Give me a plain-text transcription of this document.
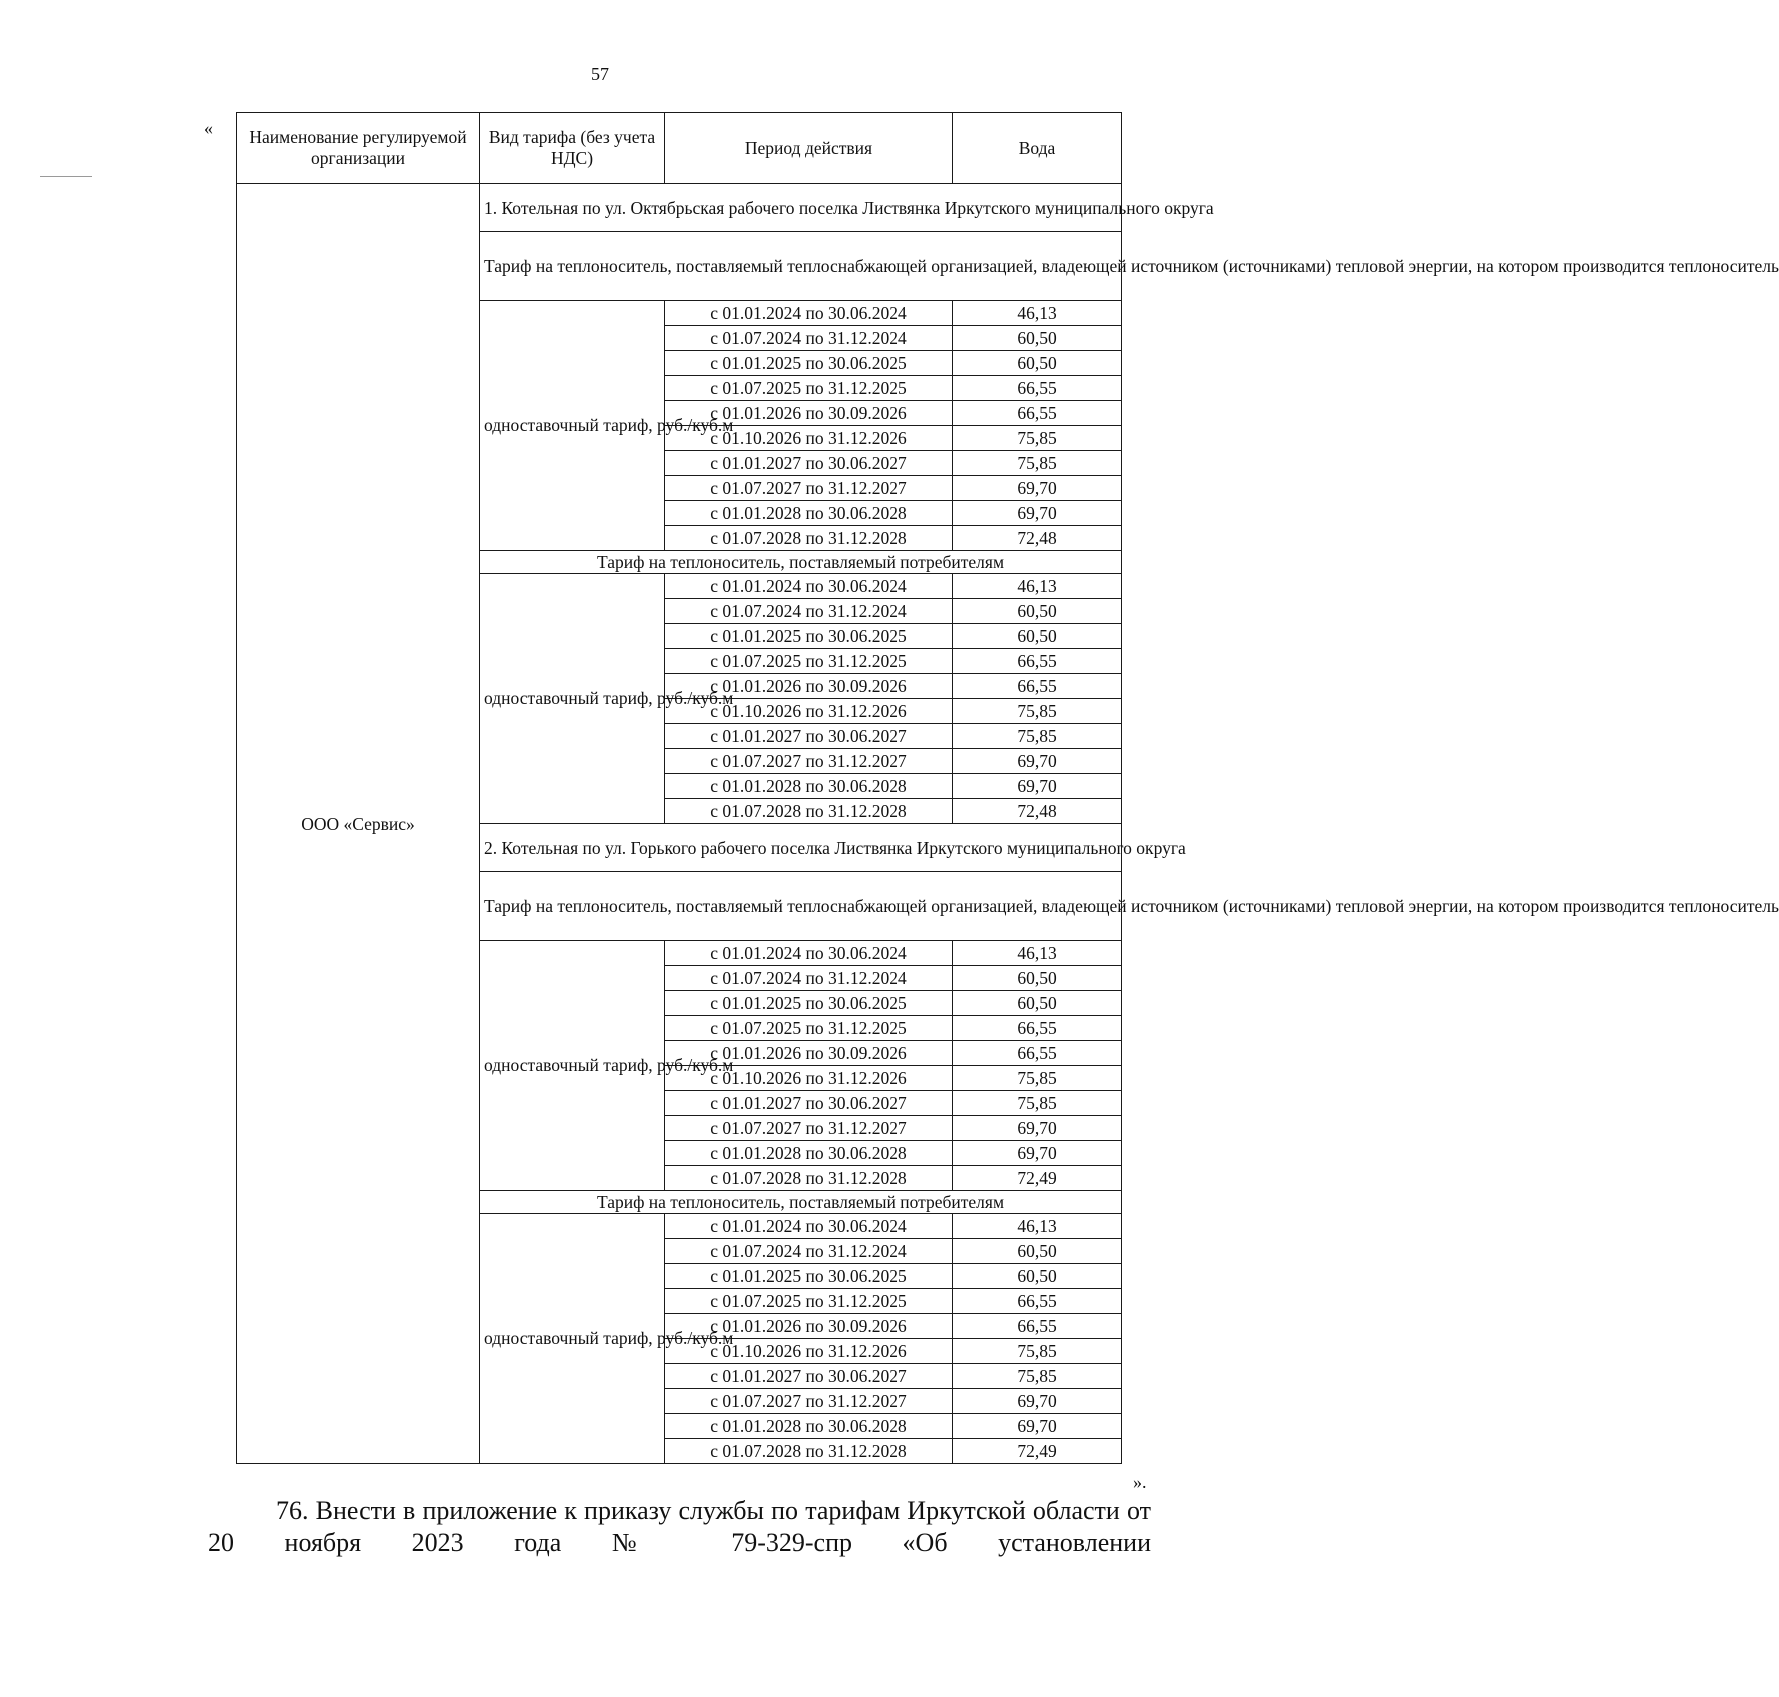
57
« Наименование регулируемой организации	Вид тарифа (без учета НДС)	Период действия	Вода
ООО «Сервис»	1. Котельная по ул. Октябрьская рабочего поселка Листвянка Иркутского муниципального округа		
	Тариф на теплоноситель, поставляемый теплоснабжающей организацией, владеющей источником (источниками) тепловой энергии, на котором производится теплоноситель		
	одноставочный тариф, руб./куб.м	с 01.01.2024 по 30.06.2024	46,13
		с 01.07.2024 по 31.12.2024	60,50
		с 01.01.2025 по 30.06.2025	60,50
		с 01.07.2025 по 31.12.2025	66,55
		с 01.01.2026 по 30.09.2026	66,55
		с 01.10.2026 по 31.12.2026	75,85
		с 01.01.2027 по 30.06.2027	75,85
		с 01.07.2027 по 31.12.2027	69,70
		с 01.01.2028 по 30.06.2028	69,70
		с 01.07.2028 по 31.12.2028	72,48
	Тариф на теплоноситель, поставляемый потребителям		
	одноставочный тариф, руб./куб.м	с 01.01.2024 по 30.06.2024	46,13
		с 01.07.2024 по 31.12.2024	60,50
		с 01.01.2025 по 30.06.2025	60,50
		с 01.07.2025 по 31.12.2025	66,55
		с 01.01.2026 по 30.09.2026	66,55
		с 01.10.2026 по 31.12.2026	75,85
		с 01.01.2027 по 30.06.2027	75,85
		с 01.07.2027 по 31.12.2027	69,70
		с 01.01.2028 по 30.06.2028	69,70
		с 01.07.2028 по 31.12.2028	72,48
	2. Котельная по ул. Горького рабочего поселка Листвянка Иркутского муниципального округа		
	Тариф на теплоноситель, поставляемый теплоснабжающей организацией, владеющей источником (источниками) тепловой энергии, на котором производится теплоноситель		
	одноставочный тариф, руб./куб.м	с 01.01.2024 по 30.06.2024	46,13
		с 01.07.2024 по 31.12.2024	60,50
		с 01.01.2025 по 30.06.2025	60,50
		с 01.07.2025 по 31.12.2025	66,55
		с 01.01.2026 по 30.09.2026	66,55
		с 01.10.2026 по 31.12.2026	75,85
		с 01.01.2027 по 30.06.2027	75,85
		с 01.07.2027 по 31.12.2027	69,70
		с 01.01.2028 по 30.06.2028	69,70
		с 01.07.2028 по 31.12.2028	72,49
	Тариф на теплоноситель, поставляемый потребителям		
	одноставочный тариф, руб./куб.м	с 01.01.2024 по 30.06.2024	46,13
		с 01.07.2024 по 31.12.2024	60,50
		с 01.01.2025 по 30.06.2025	60,50
		с 01.07.2025 по 31.12.2025	66,55
		с 01.01.2026 по 30.09.2026	66,55
		с 01.10.2026 по 31.12.2026	75,85
		с 01.01.2027 по 30.06.2027	75,85
		с 01.07.2027 по 31.12.2027	69,70
		с 01.01.2028 по 30.06.2028	69,70
		с 01.07.2028 по 31.12.2028	72,49
».
76. Внести в приложение к приказу службы по тарифам Иркутской области от 20 ноября 2023 года № 79-329-спр «Об установлении
